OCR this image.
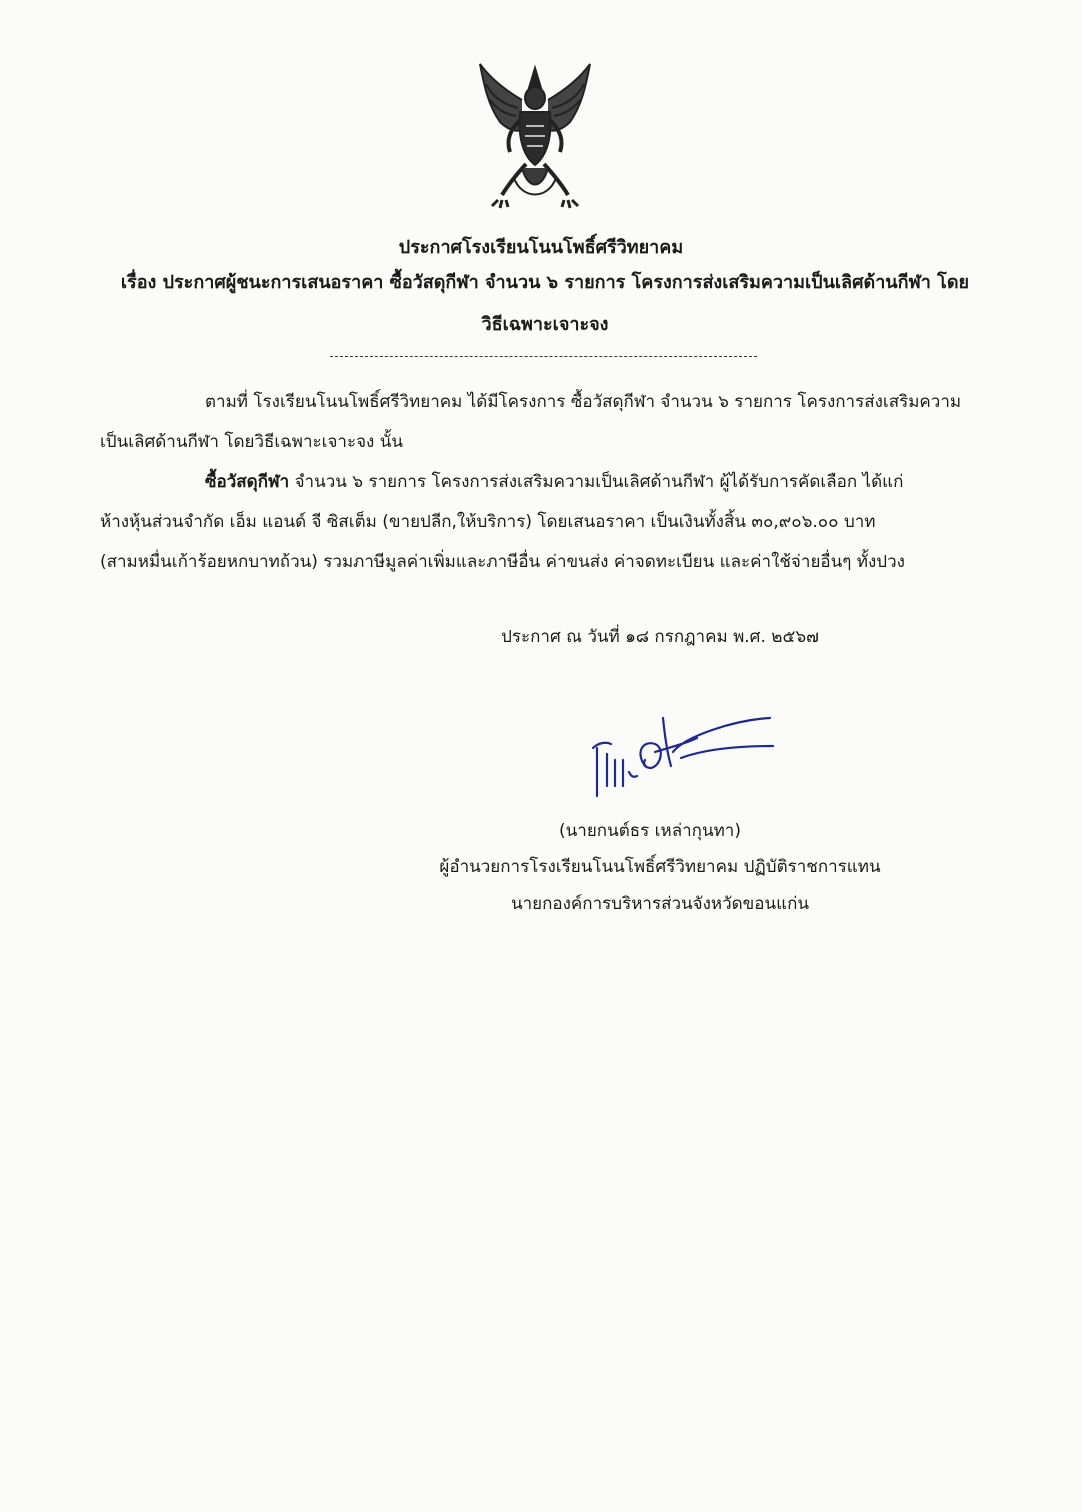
ประกาศโรงเรียนโนนโพธิ์ศรีวิทยาคม
เรื่อง ประกาศผู้ชนะการเสนอราคา ซื้อวัสดุกีฬา จำนวน ๖ รายการ โครงการส่งเสริมความเป็นเลิศด้านกีฬา โดย
วิธีเฉพาะเจาะจง
ตามที่ โรงเรียนโนนโพธิ์ศรีวิทยาคม ได้มีโครงการ ซื้อวัสดุกีฬา จำนวน ๖ รายการ โครงการส่งเสริมความ
เป็นเลิศด้านกีฬา โดยวิธีเฉพาะเจาะจง นั้น
ซื้อวัสดุกีฬา จำนวน ๖ รายการ โครงการส่งเสริมความเป็นเลิศด้านกีฬา ผู้ได้รับการคัดเลือก ได้แก่
ห้างหุ้นส่วนจำกัด เอ็ม แอนด์ จี ซิสเต็ม (ขายปลีก,ให้บริการ) โดยเสนอราคา เป็นเงินทั้งสิ้น ๓๐,๙๐๖.๐๐ บาท
(สามหมื่นเก้าร้อยหกบาทถ้วน) รวมภาษีมูลค่าเพิ่มและภาษีอื่น ค่าขนส่ง ค่าจดทะเบียน และค่าใช้จ่ายอื่นๆ ทั้งปวง
ประกาศ ณ วันที่ ๑๘ กรกฎาคม พ.ศ. ๒๕๖๗
(นายกนต์ธร เหล่ากุนทา)
ผู้อำนวยการโรงเรียนโนนโพธิ์ศรีวิทยาคม ปฏิบัติราชการแทน
นายกองค์การบริหารส่วนจังหวัดขอนแก่น
